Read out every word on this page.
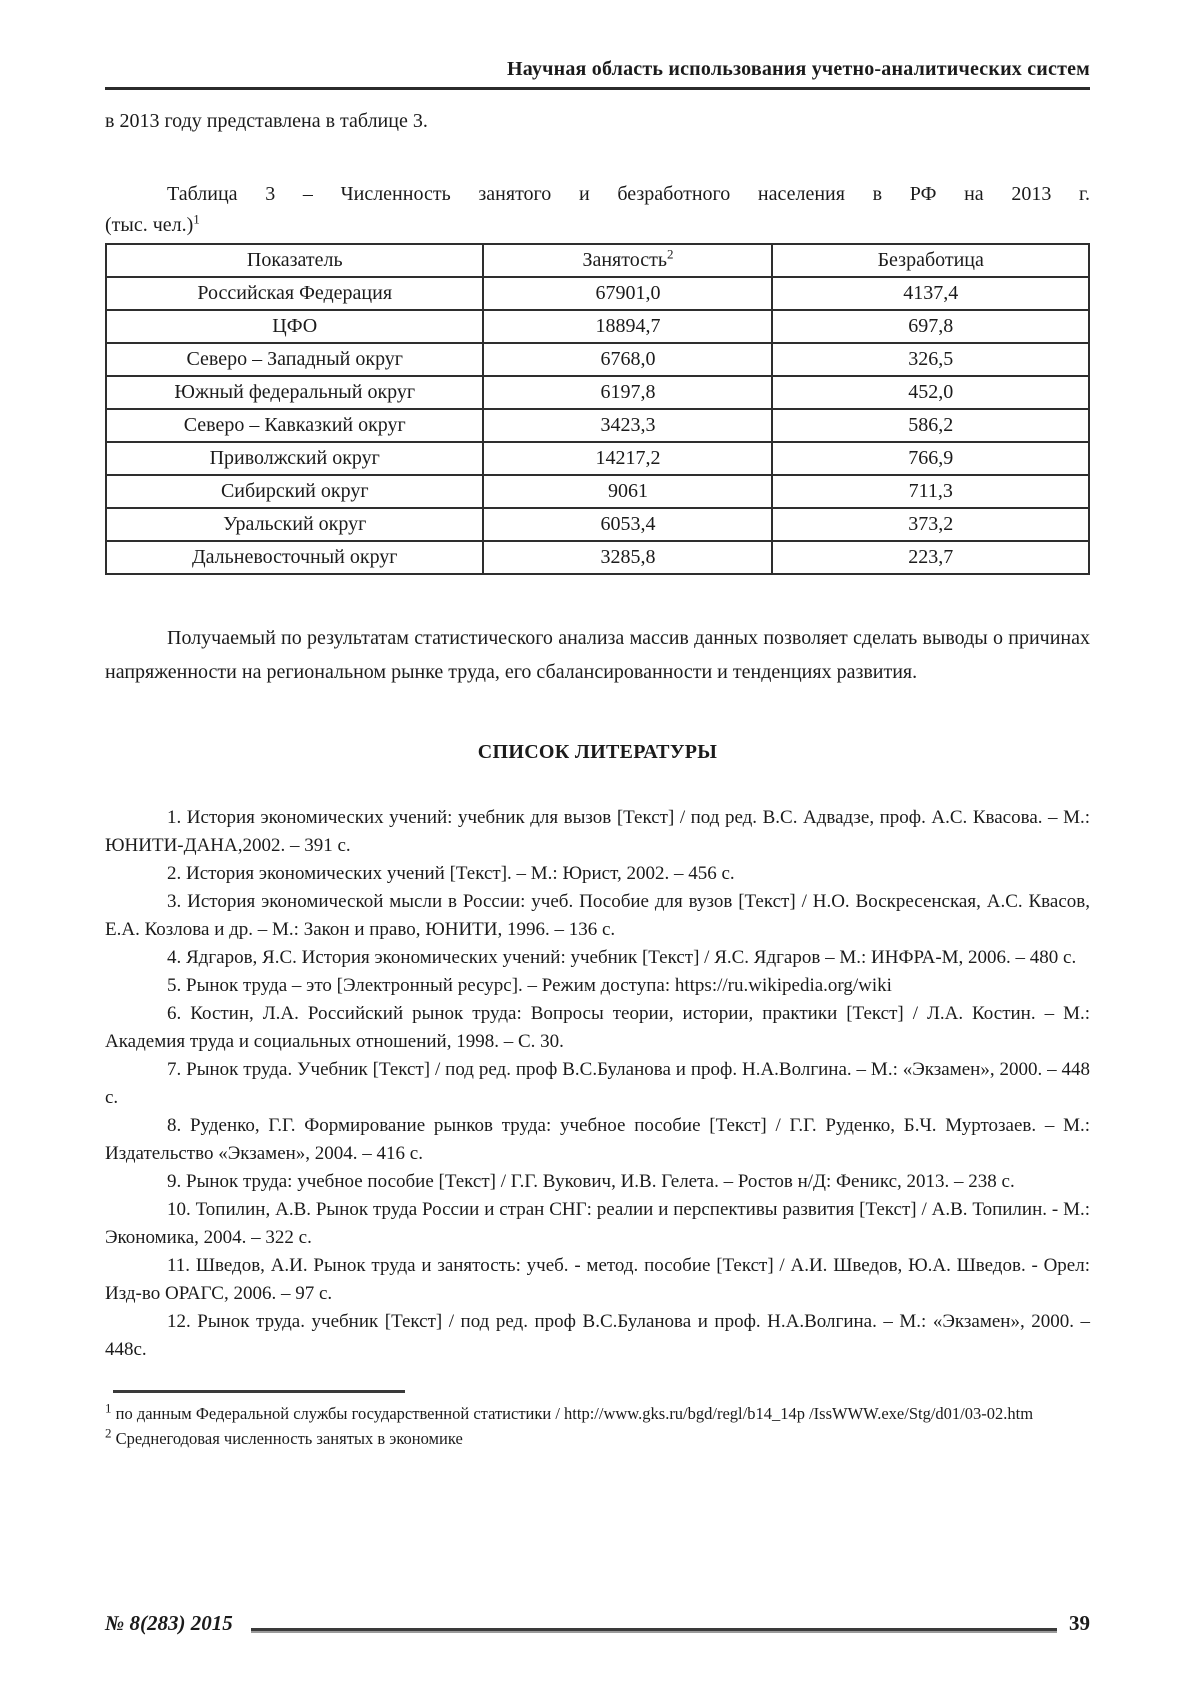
Научная область использования учетно-аналитических систем

в 2013 году представлена в таблице 3.

Таблица 3 – Численность занятого и безработного населения в РФ на 2013 г.
(тыс. чел.)$^1$
Показатель	Занятость$^2$	Безработица
Российская Федерация	67901,0	4137,4
ЦФО	18894,7	697,8
Северо – Западный округ	6768,0	326,5
Южный федеральный округ	6197,8	452,0
Северо – Кавказкий округ	3423,3	586,2
Приволжский округ	14217,2	766,9
Сибирский округ	9061	711,3
Уральский округ	6053,4	373,2
Дальневосточный округ	3285,8	223,7

Получаемый по результатам статистического анализа массив данных позволяет сделать выводы о причинах напряженности на региональном рынке труда, его сбалансированности и тенденциях развития.

СПИСОК ЛИТЕРАТУРЫ

1. История экономических учений: учебник для вызов [Текст] / под ред. В.С. Адвадзе, проф. А.С. Квасова. – М.: ЮНИТИ-ДАНА,2002. – 391 с.

2. История экономических учений [Текст]. – М.: Юрист, 2002. – 456 с.

3. История экономической мысли в России: учеб. Пособие для вузов [Текст] / Н.О. Воскресенская, А.С. Квасов, Е.А. Козлова и др. – М.: Закон и право, ЮНИТИ, 1996. – 136 с.

4. Ядгаров, Я.С. История экономических учений: учебник [Текст] / Я.С. Ядгаров – М.: ИНФРА-М, 2006. – 480 с.

5. Рынок труда – это [Электронный ресурс]. – Режим доступа: https://ru.wikipedia.org/wiki

6. Костин, Л.А. Российский рынок труда: Вопросы теории, истории, практики [Текст] / Л.А. Костин. – М.: Академия труда и социальных отношений, 1998. – С. 30.

7. Рынок труда. Учебник [Текст] / под ред. проф В.С.Буланова и проф. Н.А.Волгина. – М.: «Экзамен», 2000. – 448 с.

8. Руденко, Г.Г. Формирование рынков труда: учебное пособие [Текст] / Г.Г. Руденко, Б.Ч. Муртозаев. – М.: Издательство «Экзамен», 2004. – 416 с.

9. Рынок труда: учебное пособие [Текст] / Г.Г. Вукович, И.В. Гелета. – Ростов н/Д: Феникс, 2013. – 238 с.

10. Топилин, А.В. Рынок труда России и стран СНГ: реалии и перспективы развития [Текст] / А.В. Топилин. - М.: Экономика, 2004. – 322 с.

11. Шведов, А.И. Рынок труда и занятость: учеб. - метод. пособие [Текст] / А.И. Шведов, Ю.А. Шведов. - Орел: Изд-во ОРАГС, 2006. – 97 с.

12. Рынок труда. учебник [Текст] / под ред. проф В.С.Буланова и проф. Н.А.Волгина. – М.: «Экзамен», 2000. – 448с.

$^1$ по данным Федеральной службы государственной статистики / http://www.gks.ru/bgd/regl/b14_14p /IssWWW.exe/Stg/d01/03-02.htm

$^2$ Среднегодовая численность занятых в экономике

№ 8(283) 2015	39
